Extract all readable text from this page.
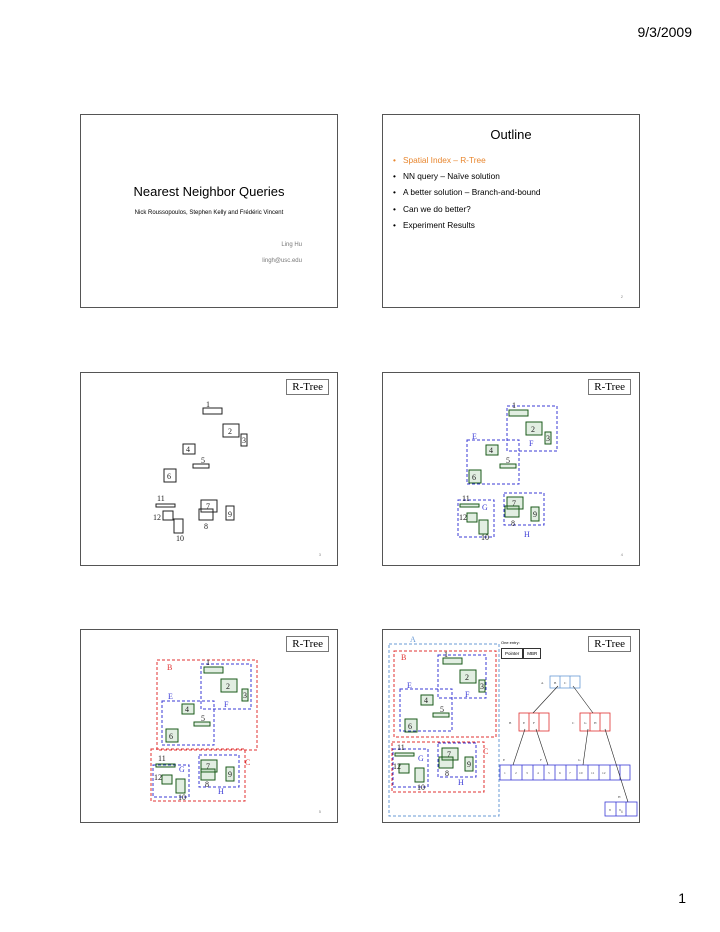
9/3/2009
Nearest Neighbor Queries
Nick Roussopoulos, Stephen Kelly and Frédéric Vincent
Ling Hu
lingh@usc.edu
Outline
• Spatial Index – R-Tree
• NN query – Naïve solution
• A better solution – Branch-and-bound
• Can we do better?
• Experiment Results
2
1
2
3
4
5
6
7
8
9
10
11
12
R-Tree
3
1
2
3
4
5
6
7
8
9
10
11
12
E
F
G
H
R-Tree
4
1
2
3
4
5
6
7
8
9
10
11
12
E
F
G
H
B
C
R-Tree
5
1
2
3
4
5
6
7
8
9
10
11
12
E
F
G
H
B
C
A
A	B C
B	E F	C	G H
E	F	G
H
1	2	3	4	5	6 7 10 11 12
8 9
One entry:
Pointer	MBR
R-Tree
6
1
